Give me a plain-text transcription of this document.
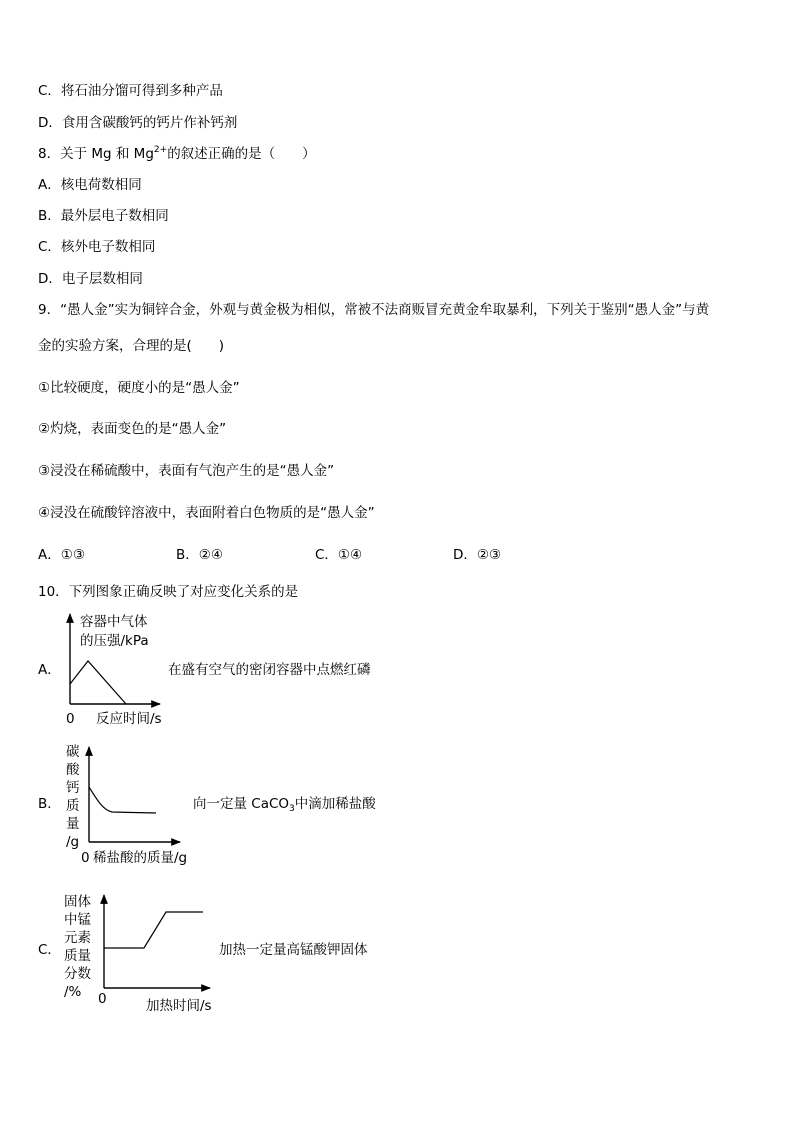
C．将石油分馏可得到多种产品
D．食用含碳酸钙的钙片作补钙剂
8．关于 Mg 和 $Mg^{2+}$的叙述正确的是（　　）
A．核电荷数相同
B．最外层电子数相同
C．核外电子数相同
D．电子层数相同
9．“愚人金”实为铜锌合金，外观与黄金极为相似，常被不法商贩冒充黄金牟取暴利，下列关于鉴别“愚人金”与黄
金的实验方案，合理的是(　　)
①比较硬度，硬度小的是“愚人金”
②灼烧，表面变色的是“愚人金”
③浸没在稀硫酸中，表面有气泡产生的是“愚人金”
④浸没在硫酸锌溶液中，表面附着白色物质的是“愚人金”
A．①③	B．②④	C．①④	D．②③
10．下列图象正确反映了对应变化关系的是
A．
容器中气体
的压强/kPa
0 反应时间/s
在盛有空气的密闭容器中点燃红磷
B．
碳
酸
钙
质
量
/g
0 稀盐酸的质量/g
向一定量 CaCO$_3$中滴加稀盐酸
C．
固体
中锰
元素
质量
分数
/% 0	加热时间/s
加热一定量高锰酸钾固体
